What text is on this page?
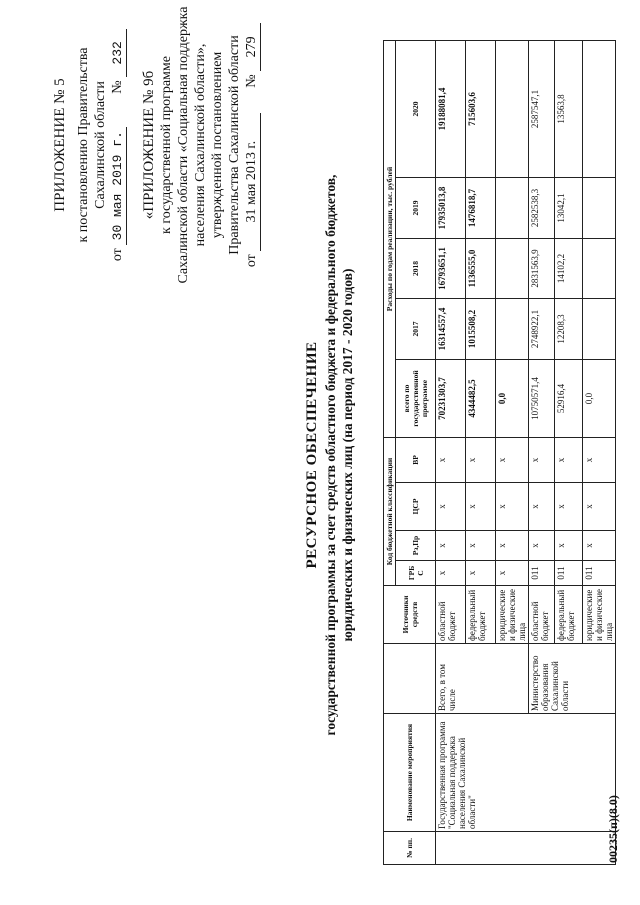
ПРИЛОЖЕНИЕ № 5 к постановлению Правительства Сахалинской области
от 30 мая 2019 г.  № 232
«ПРИЛОЖЕНИЕ № 9б к государственной программе Сахалинской области «Социальная поддержка населения Сахалинской области», утвержденной постановлением Правительства Сахалинской области
от 31 мая 2013 г.  № 279
РЕСУРСНОЕ ОБЕСПЕЧЕНИЕ государственной программы за счет средств областного бюджета и федерального бюджетов, юридических и физических лиц (на период 2017 - 2020 годов)
№ пп.	Наименование мероприятия		Источники средств	Код бюджетной классификации				Расходы по годам реализации, тыс. рублей				
				ГРБ С	Рз,Пр	ЦСР	ВР	всего по государственной программе	2017	2018	2019	2020
	Государственная программа "Социальная поддержка населения Сахалинской области"	Всего, в том числе	областной бюджет	x	x	x	x	70231303,7	16314557,4	16793651,1	17935013,8	19188081,4
			федеральный бюджет	x	x	x	x	4344482,5	1015508,2	1136555,0	1476818,7	715603,6
			юридические и физические лица	x	x	x	x	0,0				
		Министерство образования Сахалинской области	областной бюджет	011	x	x	x	10750571,4	2748922,1	2831563,9	2582538,3	2587547,1
			федеральный бюджет	011	x	x	x	52916,4	12208,3	14102,2	13042,1	13563,8
			юридические и физические лица	011	x	x	x	0,0				
00235(п)(8.0)
